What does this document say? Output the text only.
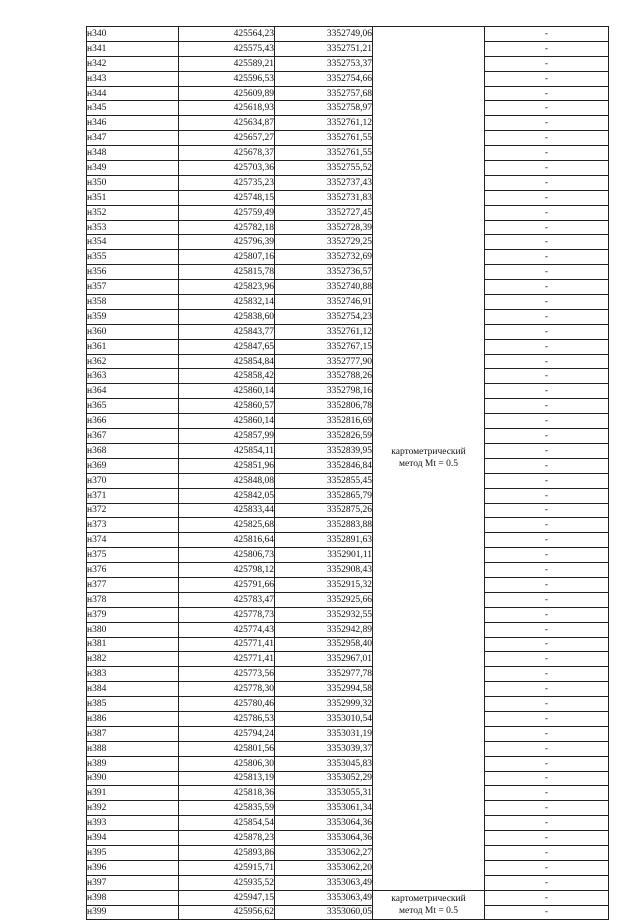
н340	425564,23	3352749,06	картометрический
метод Mt = 0.5	-
н341	425575,43	3352751,21		-
н342	425589,21	3352753,37		-
н343	425596,53	3352754,66		-
н344	425609,89	3352757,68		-
н345	425618,93	3352758,97		-
н346	425634,87	3352761,12		-
н347	425657,27	3352761,55		-
н348	425678,37	3352761,55		-
н349	425703,36	3352755,52		-
н350	425735,23	3352737,43		-
н351	425748,15	3352731,83		-
н352	425759,49	3352727,45		-
н353	425782,18	3352728,39		-
н354	425796,39	3352729,25		-
н355	425807,16	3352732,69		-
н356	425815,78	3352736,57		-
н357	425823,96	3352740,88		-
н358	425832,14	3352746,91		-
н359	425838,60	3352754,23		-
н360	425843,77	3352761,12		-
н361	425847,65	3352767,15		-
н362	425854,84	3352777,90		-
н363	425858,42	3352788,26		-
н364	425860,14	3352798,16		-
н365	425860,57	3352806,78		-
н366	425860,14	3352816,69		-
н367	425857,99	3352826,59		-
н368	425854,11	3352839,95		-
н369	425851,96	3352846,84		-
н370	425848,08	3352855,45		-
н371	425842,05	3352865,79		-
н372	425833,44	3352875,26		-
н373	425825,68	3352883,88		-
н374	425816,64	3352891,63		-
н375	425806,73	3352901,11		-
н376	425798,12	3352908,43		-
н377	425791,66	3352915,32		-
н378	425783,47	3352925,66		-
н379	425778,73	3352932,55		-
н380	425774,43	3352942,89		-
н381	425771,41	3352958,40		-
н382	425771,41	3352967,01		-
н383	425773,56	3352977,78		-
н384	425778,30	3352994,58		-
н385	425780,46	3352999,32		-
н386	425786,53	3353010,54		-
н387	425794,24	3353031,19		-
н388	425801,56	3353039,37		-
н389	425806,30	3353045,83		-
н390	425813,19	3353052,29		-
н391	425818,36	3353055,31		-
н392	425835,59	3353061,34		-
н393	425854,54	3353064,36		-
н394	425878,23	3353064,36		-
н395	425893,86	3353062,27		-
н396	425915,71	3353062,20		-
н397	425935,52	3353063,49		-
н398	425947,15	3353063,49	картометрический
метод Mt = 0.5	-
н399	425956,62	3353060,05		-
